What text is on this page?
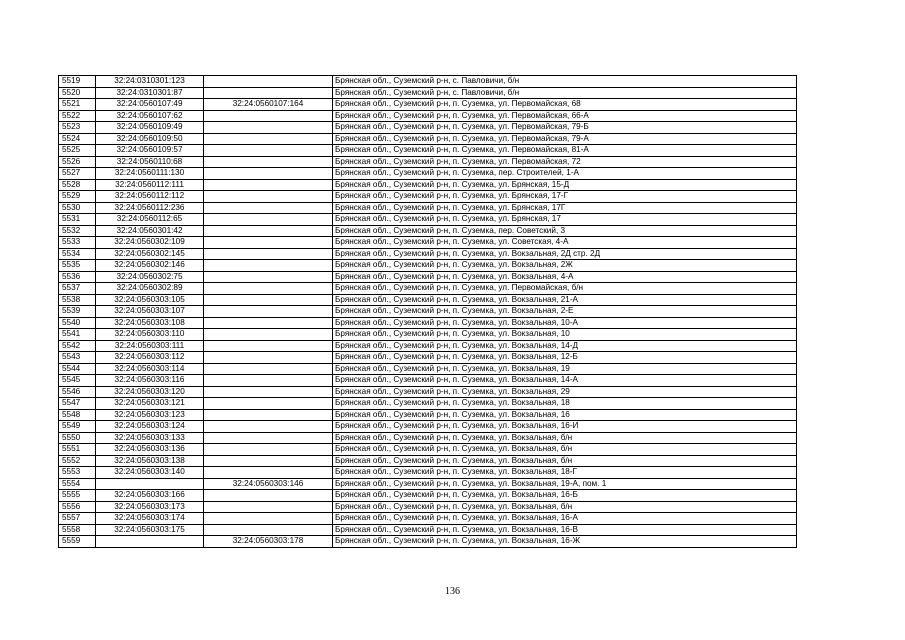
5519	32:24:0310301:123		Брянская обл., Суземский р-н, с. Павловичи, б/н
5520	32:24:0310301:87		Брянская обл., Суземский р-н, с. Павловичи, б/н
5521	32:24:0560107:49	32:24:0560107:164	Брянская обл., Суземский р-н, п. Суземка, ул. Первомайская, 68
5522	32:24:0560107:62		Брянская обл., Суземский р-н, п. Суземка, ул. Первомайская, 66-А
5523	32:24:0560109:49		Брянская обл., Суземский р-н, п. Суземка, ул. Первомайская, 79-Б
5524	32:24:0560109:50		Брянская обл., Суземский р-н, п. Суземка, ул. Первомайская, 79-А
5525	32:24:0560109:57		Брянская обл., Суземский р-н, п. Суземка, ул. Первомайская, 81-А
5526	32:24:0560110:68		Брянская обл., Суземский р-н, п. Суземка, ул. Первомайская, 72
5527	32:24:0560111:130		Брянская обл., Суземский р-н, п. Суземка, пер. Строителей, 1-А
5528	32:24:0560112:111		Брянская обл., Суземский р-н, п. Суземка, ул. Брянская, 15-Д
5529	32:24:0560112:112		Брянская обл., Суземский р-н, п. Суземка, ул. Брянская, 17-Г
5530	32:24:0560112:236		Брянская обл., Суземский р-н, п. Суземка, ул. Брянская, 17Г
5531	32:24:0560112:65		Брянская обл., Суземский р-н, п. Суземка, ул. Брянская, 17
5532	32:24:0560301:42		Брянская обл., Суземский р-н, п. Суземка, пер. Советский, 3
5533	32:24:0560302:109		Брянская обл., Суземский р-н, п. Суземка, ул. Советская, 4-А
5534	32:24:0560302:145		Брянская обл., Суземский р-н, п. Суземка, ул. Вокзальная, 2Д стр. 2Д
5535	32:24:0560302:146		Брянская обл., Суземский р-н, п. Суземка, ул. Вокзальная, 2Ж
5536	32:24:0560302:75		Брянская обл., Суземский р-н, п. Суземка, ул. Вокзальная, 4-А
5537	32:24:0560302:89		Брянская обл., Суземский р-н, п. Суземка, ул. Первомайская, б/н
5538	32:24:0560303:105		Брянская обл., Суземский р-н, п. Суземка, ул. Вокзальная, 21-А
5539	32:24:0560303:107		Брянская обл., Суземский р-н, п. Суземка, ул. Вокзальная, 2-Е
5540	32:24:0560303:108		Брянская обл., Суземский р-н, п. Суземка, ул. Вокзальная, 10-А
5541	32:24:0560303:110		Брянская обл., Суземский р-н, п. Суземка, ул. Вокзальная, 10
5542	32:24:0560303:111		Брянская обл., Суземский р-н, п. Суземка, ул. Вокзальная, 14-Д
5543	32:24:0560303:112		Брянская обл., Суземский р-н, п. Суземка, ул. Вокзальная, 12-Б
5544	32:24:0560303:114		Брянская обл., Суземский р-н, п. Суземка, ул. Вокзальная, 19
5545	32:24:0560303:116		Брянская обл., Суземский р-н, п. Суземка, ул. Вокзальная, 14-А
5546	32:24:0560303:120		Брянская обл., Суземский р-н, п. Суземка, ул. Вокзальная, 29
5547	32:24:0560303:121		Брянская обл., Суземский р-н, п. Суземка, ул. Вокзальная, 18
5548	32:24:0560303:123		Брянская обл., Суземский р-н, п. Суземка, ул. Вокзальная, 16
5549	32:24:0560303:124		Брянская обл., Суземский р-н, п. Суземка, ул. Вокзальная, 16-И
5550	32:24:0560303:133		Брянская обл., Суземский р-н, п. Суземка, ул. Вокзальная, б/н
5551	32:24:0560303:136		Брянская обл., Суземский р-н, п. Суземка, ул. Вокзальная, б/н
5552	32:24:0560303:138		Брянская обл., Суземский р-н, п. Суземка, ул. Вокзальная, б/н
5553	32:24:0560303:140		Брянская обл., Суземский р-н, п. Суземка, ул. Вокзальная, 18-Г
5554		32:24:0560303:146	Брянская обл., Суземский р-н, п. Суземка, ул. Вокзальная, 19-А, пом. 1
5555	32:24:0560303:166		Брянская обл., Суземский р-н, п. Суземка, ул. Вокзальная, 16-Б
5556	32:24:0560303:173		Брянская обл., Суземский р-н, п. Суземка, ул. Вокзальная, б/н
5557	32:24:0560303:174		Брянская обл., Суземский р-н, п. Суземка, ул. Вокзальная, 16-А
5558	32:24:0560303:175		Брянская обл., Суземский р-н, п. Суземка, ул. Вокзальная, 16-В
5559		32:24:0560303:178	Брянская обл., Суземский р-н, п. Суземка, ул. Вокзальная, 16-Ж
136
